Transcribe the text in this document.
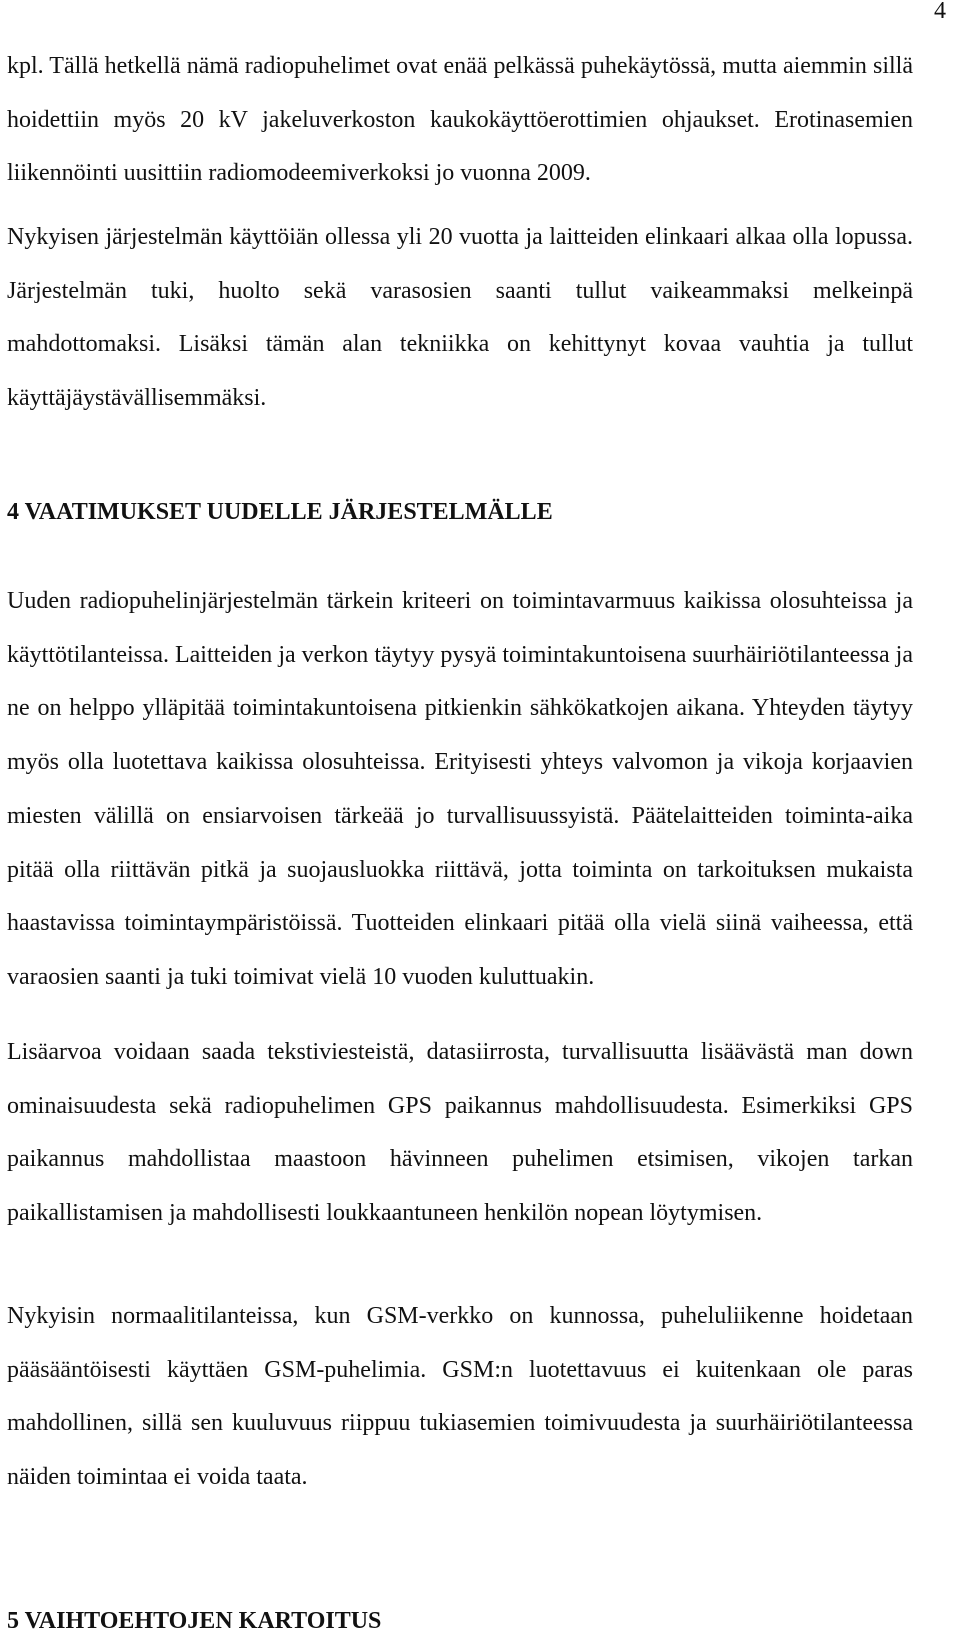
4

kpl. Tällä hetkellä nämä radiopuhelimet ovat enää pelkässä puhekäytössä, mutta aiemmin sillä hoidettiin myös 20 kV jakeluverkoston kaukokäyttöerottimien ohjaukset. Erotinasemien liikennöinti uusittiin radiomodeemiverkoksi jo vuonna 2009.

Nykyisen järjestelmän käyttöiän ollessa yli 20 vuotta ja laitteiden elinkaari alkaa olla lopussa. Järjestelmän tuki, huolto sekä varasosien saanti tullut vaikeammaksi melkeinpä mahdottomaksi. Lisäksi tämän alan tekniikka on kehittynyt kovaa vauhtia ja tullut käyttäjäystävällisemmäksi.

4 VAATIMUKSET UUDELLE JÄRJESTELMÄLLE

Uuden radiopuhelinjärjestelmän tärkein kriteeri on toimintavarmuus kaikissa olosuhteissa ja käyttötilanteissa. Laitteiden ja verkon täytyy pysyä toimintakuntoisena suurhäiriötilanteessa ja ne on helppo ylläpitää toimintakuntoisena pitkienkin sähkökatkojen aikana. Yhteyden täytyy myös olla luotettava kaikissa olosuhteissa. Erityisesti yhteys valvomon ja vikoja korjaavien miesten välillä on ensiarvoisen tärkeää jo turvallisuussyistä. Päätelaitteiden toiminta-aika pitää olla riittävän pitkä ja suojausluokka riittävä, jotta toiminta on tarkoituksen mukaista haastavissa toimintaympäristöissä. Tuotteiden elinkaari pitää olla vielä siinä vaiheessa, että varaosien saanti ja tuki toimivat vielä 10 vuoden kuluttuakin.

Lisäarvoa voidaan saada tekstiviesteistä, datasiirrosta, turvallisuutta lisäävästä man down ominaisuudesta sekä radiopuhelimen GPS paikannus mahdollisuudesta. Esimerkiksi GPS paikannus mahdollistaa maastoon hävinneen puhelimen etsimisen, vikojen tarkan paikallistamisen ja mahdollisesti loukkaantuneen henkilön nopean löytymisen.

Nykyisin normaalitilanteissa, kun GSM-verkko on kunnossa, puheluliikenne hoidetaan pääsääntöisesti käyttäen GSM-puhelimia. GSM:n luotettavuus ei kuitenkaan ole paras mahdollinen, sillä sen kuuluvuus riippuu tukiasemien toimivuudesta ja suurhäiriötilanteessa näiden toimintaa ei voida taata.

5 VAIHTOEHTOJEN KARTOITUS
